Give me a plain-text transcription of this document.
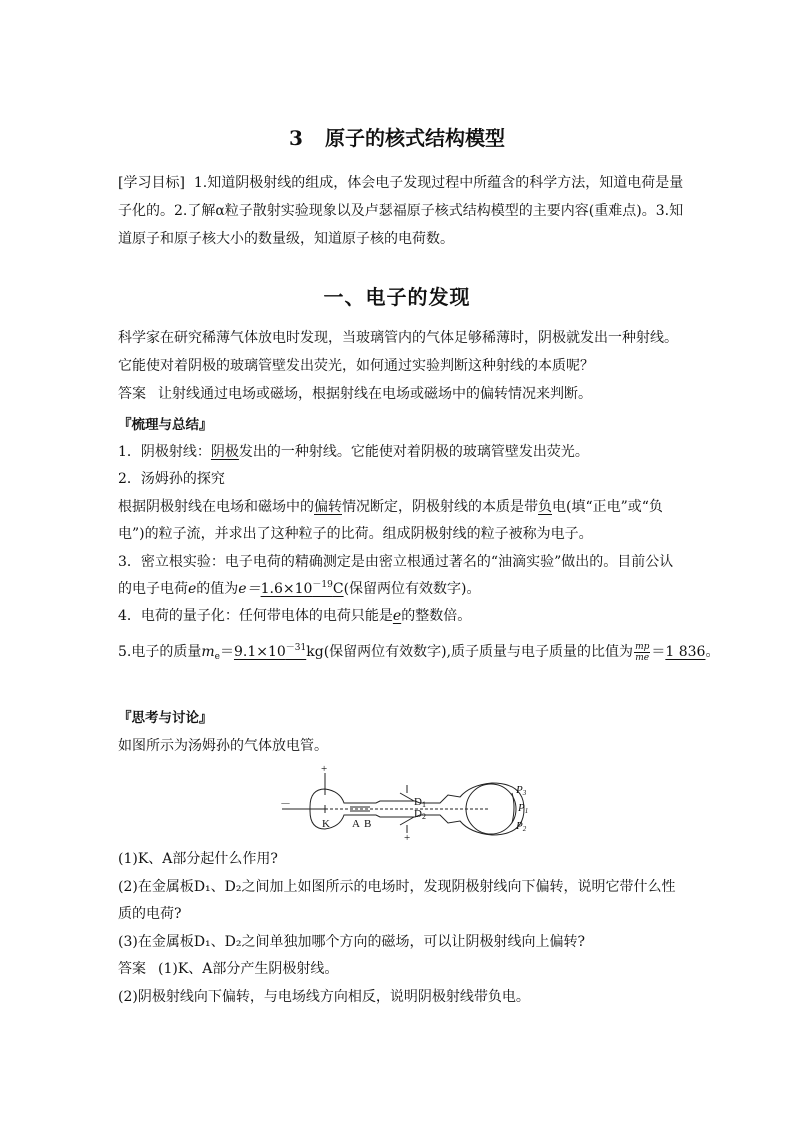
3 原子的核式结构模型
[学习目标] 1.知道阴极射线的组成，体会电子发现过程中所蕴含的科学方法，知道电荷是量
子化的。2.了解α粒子散射实验现象以及卢瑟福原子核式结构模型的主要内容(重难点)。3.知
道原子和原子核大小的数量级，知道原子核的电荷数。
一、电子的发现
科学家在研究稀薄气体放电时发现，当玻璃管内的气体足够稀薄时，阴极就发出一种射线。
它能使对着阴极的玻璃管壁发出荧光，如何通过实验判断这种射线的本质呢？
答案 让射线通过电场或磁场，根据射线在电场或磁场中的偏转情况来判断。
『梳理与总结』
1．阴极射线：阴极发出的一种射线。它能使对着阴极的玻璃管壁发出荧光。
2．汤姆孙的探究
根据阴极射线在电场和磁场中的偏转情况断定，阴极射线的本质是带负电(填“正电”或“负
电”)的粒子流，并求出了这种粒子的比荷。组成阴极射线的粒子被称为电子。
3．密立根实验：电子电荷的精确测定是由密立根通过著名的“油滴实验”做出的。目前公认
的电子电荷e的值为$e=1.6\times 10^{-19}C$(保留两位有效数字)。
4．电荷的量子化：任何带电体的电荷只能是e的整数倍。
5.电子的质量$m_e=9.1\times 10^{-31}kg$(保留两位有效数字),质子质量与电子质量的比值为 $\frac{mp}{me} =1$ 836。
『思考与讨论』
如图所示为汤姆孙的气体放电管。
+
－
K A B
D1
D2
+
P3
P1
P2
(1)K、A部分起什么作用?
(2)在金属板D₁、D₂之间加上如图所示的电场时，发现阴极射线向下偏转，说明它带什么性
质的电荷?
(3)在金属板D₁、D₂之间单独加哪个方向的磁场，可以让阴极射线向上偏转?
答案 (1)K、A部分产生阴极射线。
(2)阴极射线向下偏转，与电场线方向相反，说明阴极射线带负电。
